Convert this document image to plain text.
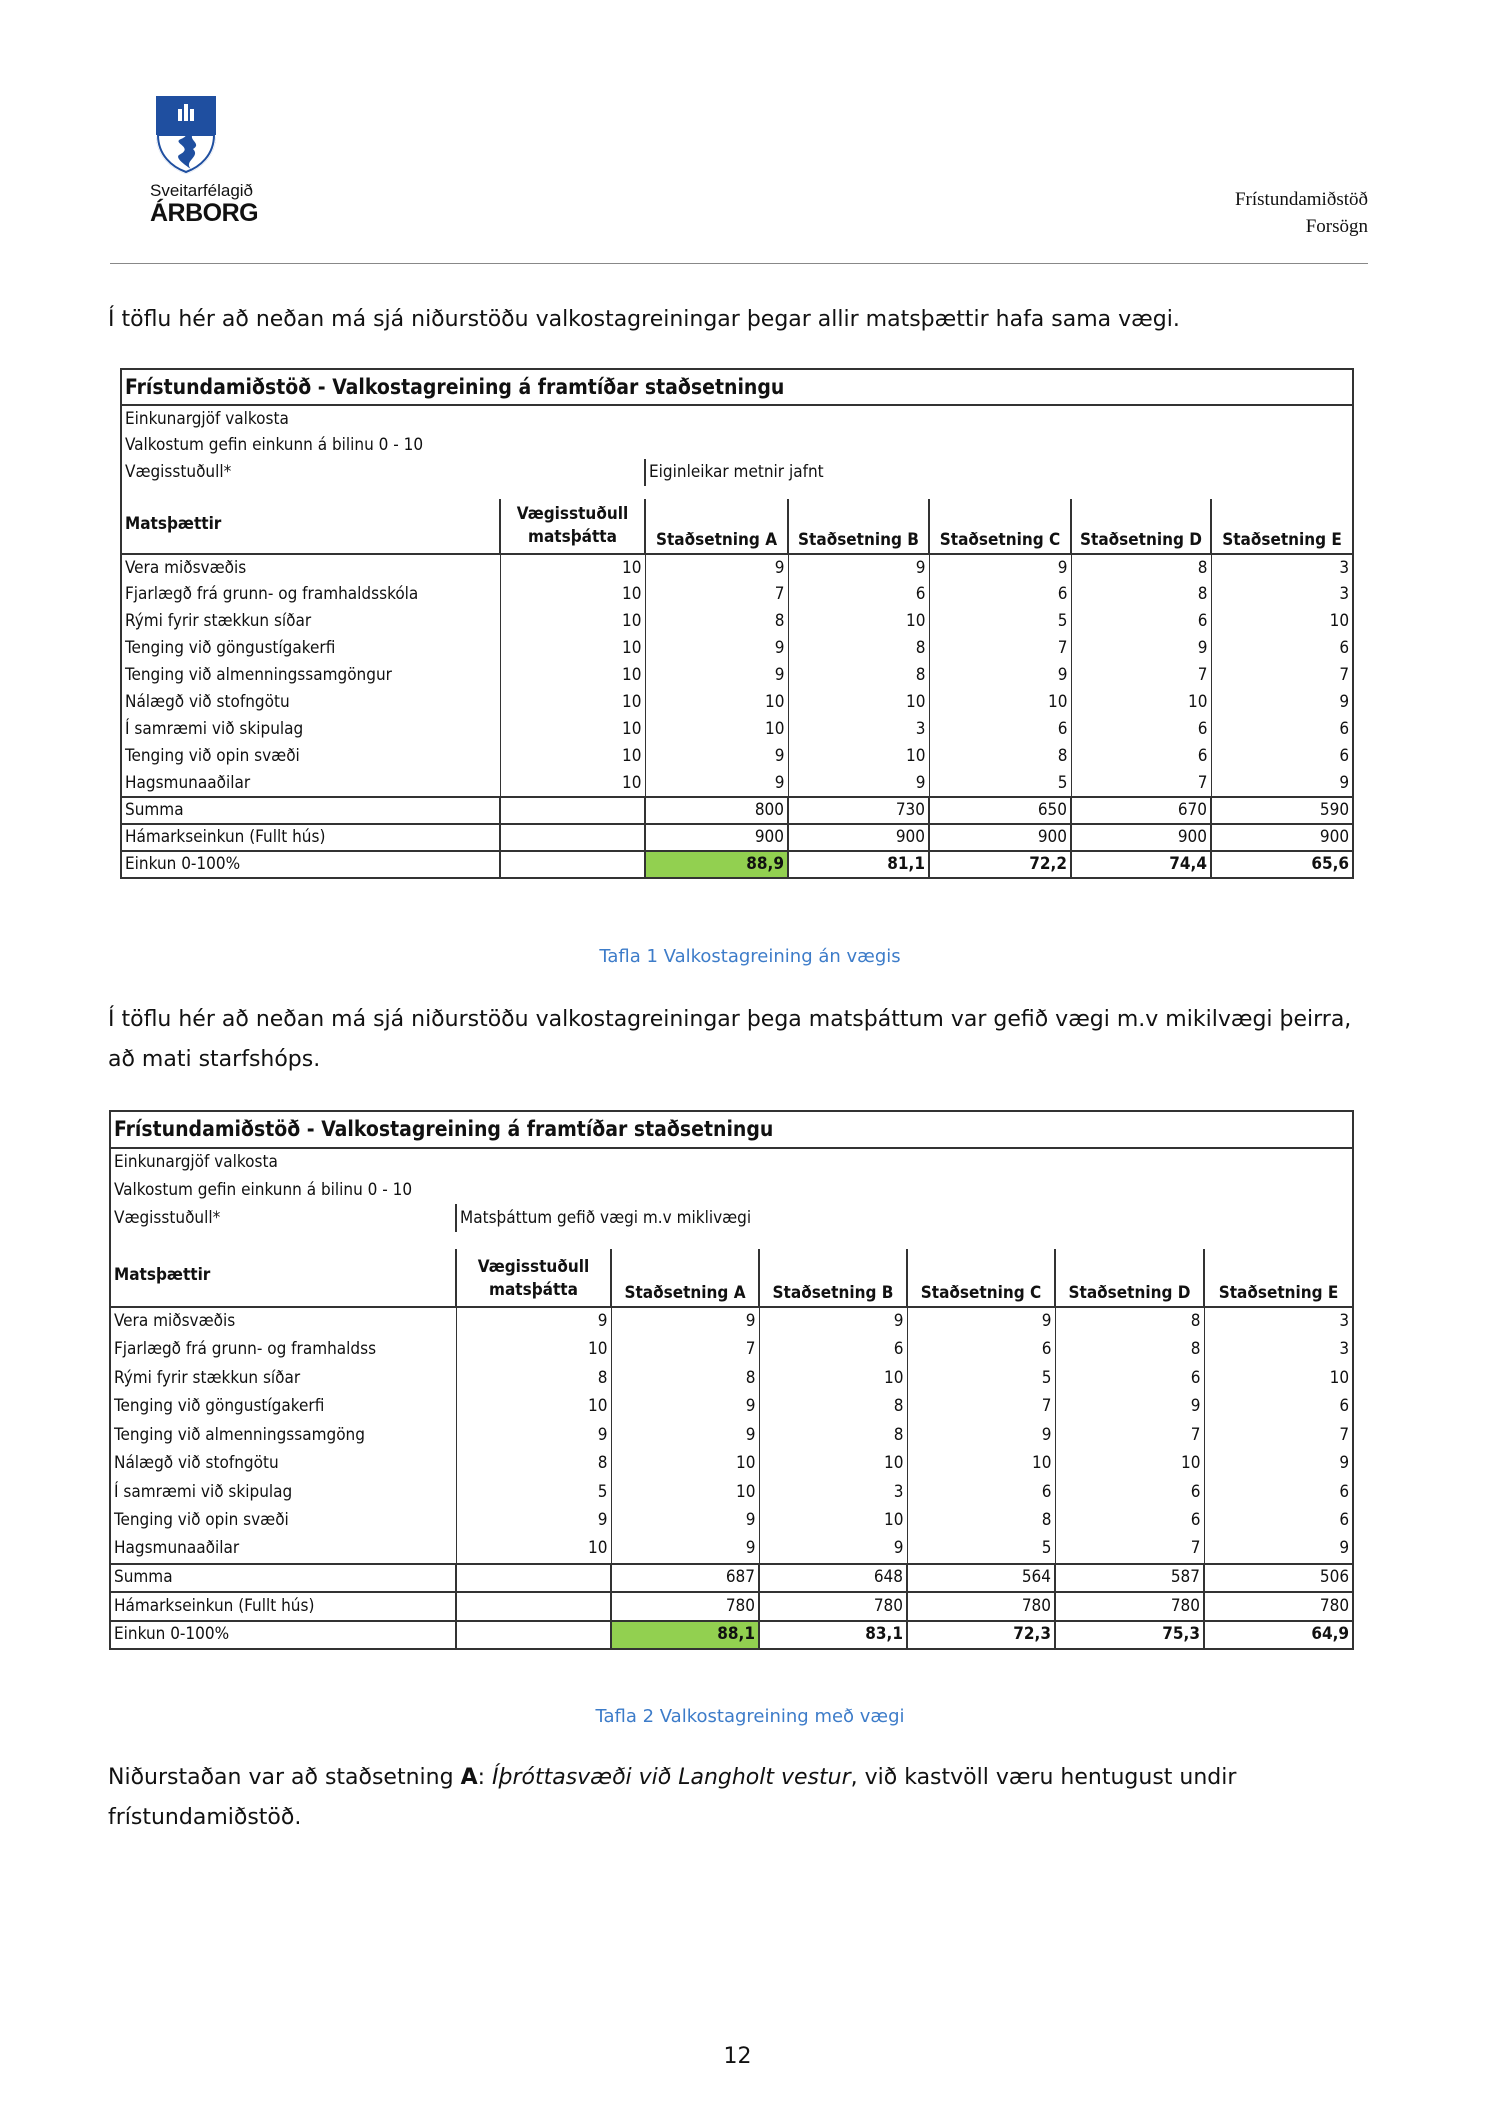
Sveitarfélagið
ÁRBORG	Frístundamiðstöð
Forsögn
Í töflu hér að neðan má sjá niðurstöðu valkostagreiningar þegar allir matsþættir hafa sama vægi.
Frístundamiðstöð - Valkostagreining á framtíðar staðsetningu						
Einkunargjöf valkosta						
Valkostum gefin einkunn á bilinu 0 - 10						
Vægisstuðull*		Eiginleikar metnir jafnt				

Matsþættir	Vægisstuðull matsþátta	Staðsetning A	Staðsetning B	Staðsetning C	Staðsetning D	Staðsetning E
Vera miðsvæðis	10	9	9	9	8	3
Fjarlægð frá grunn- og framhaldsskóla	10	7	6	6	8	3
Rými fyrir stækkun síðar	10	8	10	5	6	10
Tenging við göngustígakerfi	10	9	8	7	9	6
Tenging við almenningssamgöngur	10	9	8	9	7	7
Nálægð við stofngötu	10	10	10	10	10	9
Í samræmi við skipulag	10	10	3	6	6	6
Tenging við opin svæði	10	9	10	8	6	6
Hagsmunaaðilar	10	9	9	5	7	9
Summa		800	730	650	670	590
Hámarkseinkun (Fullt hús)		900	900	900	900	900
Einkun 0-100%		88,9	81,1	72,2	74,4	65,6
Tafla 1 Valkostagreining án vægis
Í töflu hér að neðan má sjá niðurstöðu valkostagreiningar þega matsþáttum var gefið vægi m.v mikilvægi þeirra, að mati starfshóps.
Frístundamiðstöð - Valkostagreining á framtíðar staðsetningu						
Einkunargjöf valkosta						
Valkostum gefin einkunn á bilinu 0 - 10						
Vægisstuðull*	Matsþáttum gefið vægi m.v miklivægi					

Matsþættir	Vægisstuðull matsþátta	Staðsetning A	Staðsetning B	Staðsetning C	Staðsetning D	Staðsetning E
Vera miðsvæðis	9	9	9	9	8	3
Fjarlægð frá grunn- og framhaldss	10	7	6	6	8	3
Rými fyrir stækkun síðar	8	8	10	5	6	10
Tenging við göngustígakerfi	10	9	8	7	9	6
Tenging við almenningssamgöng	9	9	8	9	7	7
Nálægð við stofngötu	8	10	10	10	10	9
Í samræmi við skipulag	5	10	3	6	6	6
Tenging við opin svæði	9	9	10	8	6	6
Hagsmunaaðilar	10	9	9	5	7	9
Summa		687	648	564	587	506
Hámarkseinkun (Fullt hús)		780	780	780	780	780
Einkun 0-100%		88,1	83,1	72,3	75,3	64,9
Tafla 2 Valkostagreining með vægi
Niðurstaðan var að staðsetning A: Íþróttasvæði við Langholt vestur, við kastvöll væru hentugust undir frístundamiðstöð.
12
